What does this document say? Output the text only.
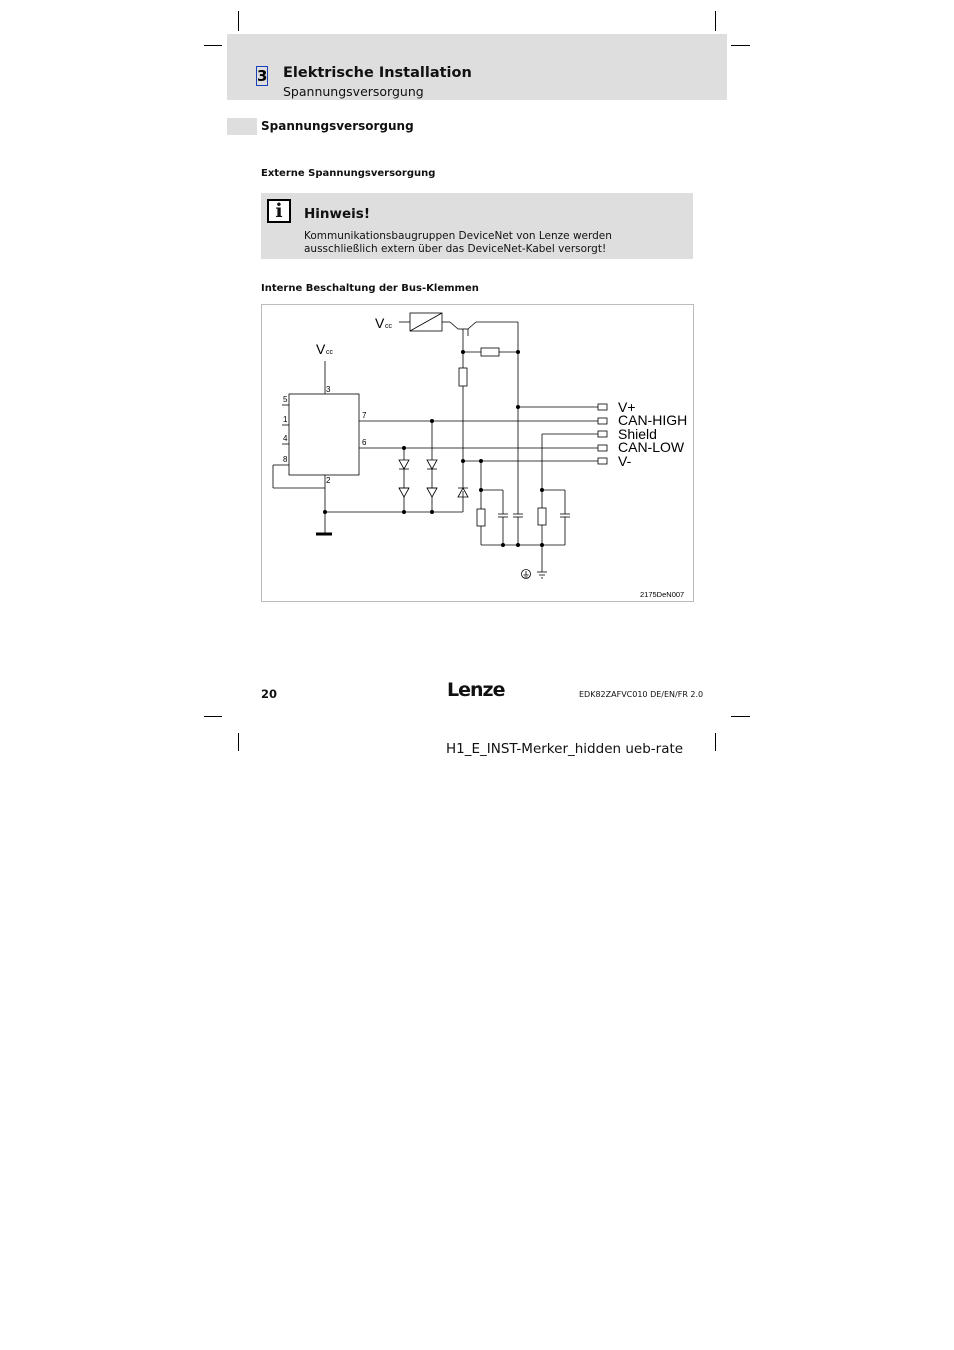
3 Elektrische Installation
Spannungsversorgung
Spannungsversorgung
Externe Spannungsversorgung
i	Hinweis!
Kommunikationsbaugruppen DeviceNet von Lenze werden ausschließlich extern über das DeviceNet-Kabel versorgt!
Interne Beschaltung der Bus-Klemmen
V cc
V cc
3
5
1
4
8
7
6
2
V+
CAN-HIGH
Shield
CAN-LOW
V-
2175DeN007
20	Lenze	EDK82ZAFVC010 DE/EN/FR 2.0
H1_E_INST-Merker_hidden ueb-rate
